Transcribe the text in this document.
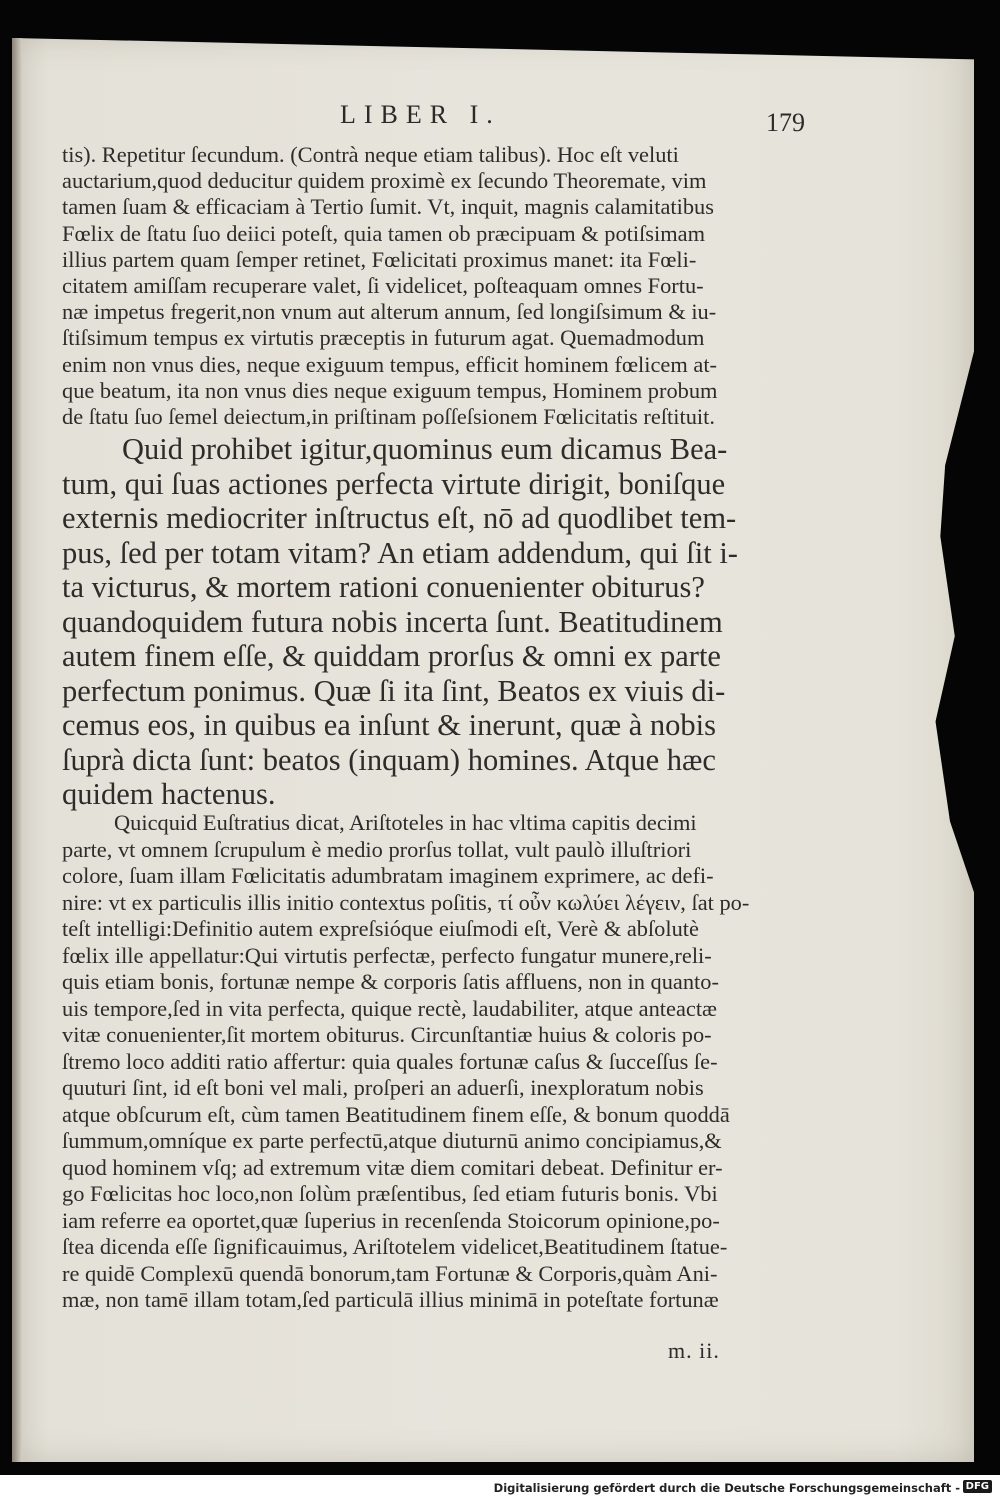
LIBER I.	179
tis). Repetitur ſecundum. (Contrà neque etiam talibus). Hoc eſt veluti
auctarium,quod deducitur quidem proximè ex ſecundo Theoremate, vim
tamen ſuam & efficaciam à Tertio ſumit. Vt, inquit, magnis calamitatibus
Fœlix de ſtatu ſuo deiici poteſt, quia tamen ob præcipuam & potiſsimam
illius partem quam ſemper retinet, Fœlicitati proximus manet: ita Fœli-
citatem amiſſam recuperare valet, ſi videlicet, poſteaquam omnes Fortu-
næ impetus fregerit,non vnum aut alterum annum, ſed longiſsimum & iu-
ſtiſsimum tempus ex virtutis præceptis in futurum agat. Quemadmodum
enim non vnus dies, neque exiguum tempus, efficit hominem fœlicem at-
que beatum, ita non vnus dies neque exiguum tempus, Hominem probum
de ſtatu ſuo ſemel deiectum,in priſtinam poſſeſsionem Fœlicitatis reſtituit.
Quid prohibet igitur,quominus eum dicamus Bea-
tum, qui ſuas actiones perfecta virtute dirigit, boniſque
externis mediocriter inſtructus eſt, nō ad quodlibet tem-
pus, ſed per totam vitam? An etiam addendum, qui ſit i-
ta victurus, & mortem rationi conuenienter obiturus?
quandoquidem futura nobis incerta ſunt. Beatitudinem
autem finem eſſe, & quiddam prorſus & omni ex parte
perfectum ponimus. Quæ ſi ita ſint, Beatos ex viuis di-
cemus eos, in quibus ea inſunt & inerunt, quæ à nobis
ſuprà dicta ſunt: beatos (inquam) homines. Atque hæc
quidem hactenus.
Quicquid Euſtratius dicat, Ariſtoteles in hac vltima capitis decimi
parte, vt omnem ſcrupulum è medio prorſus tollat, vult paulò illuſtriori
colore, ſuam illam Fœlicitatis adumbratam imaginem exprimere, ac defi-
nire: vt ex particulis illis initio contextus poſitis, τί οὖν κωλύει λέγειν, ſat po-
teſt intelligi:Definitio autem expreſsióque eiuſmodi eſt, Verè & abſolutè
fœlix ille appellatur:Qui virtutis perfectæ, perfecto fungatur munere,reli-
quis etiam bonis, fortunæ nempe & corporis ſatis affluens, non in quanto-
uis tempore,ſed in vita perfecta, quique rectè, laudabiliter, atque anteactæ
vitæ conuenienter,ſit mortem obiturus. Circunſtantiæ huius & coloris po-
ſtremo loco additi ratio affertur: quia quales fortunæ caſus & ſucceſſus ſe-
quuturi ſint, id eſt boni vel mali, proſperi an aduerſi, inexploratum nobis
atque obſcurum eſt, cùm tamen Beatitudinem finem eſſe, & bonum quoddā
ſummum,omníque ex parte perfectū,atque diuturnū animo concipiamus,&
quod hominem vſq; ad extremum vitæ diem comitari debeat. Definitur er-
go Fœlicitas hoc loco,non ſolùm præſentibus, ſed etiam futuris bonis. Vbi
iam referre ea oportet,quæ ſuperius in recenſenda Stoicorum opinione,po-
ſtea dicenda eſſe ſignificauimus, Ariſtotelem videlicet,Beatitudinem ſtatue-
re quidē Complexū quendā bonorum,tam Fortunæ & Corporis,quàm Ani-
mæ, non tamē illam totam,ſed particulā illius minimā in poteſtate fortunæ
m. ii.
Digitalisierung gefördert durch die Deutsche Forschungsgemeinschaft - DFG
